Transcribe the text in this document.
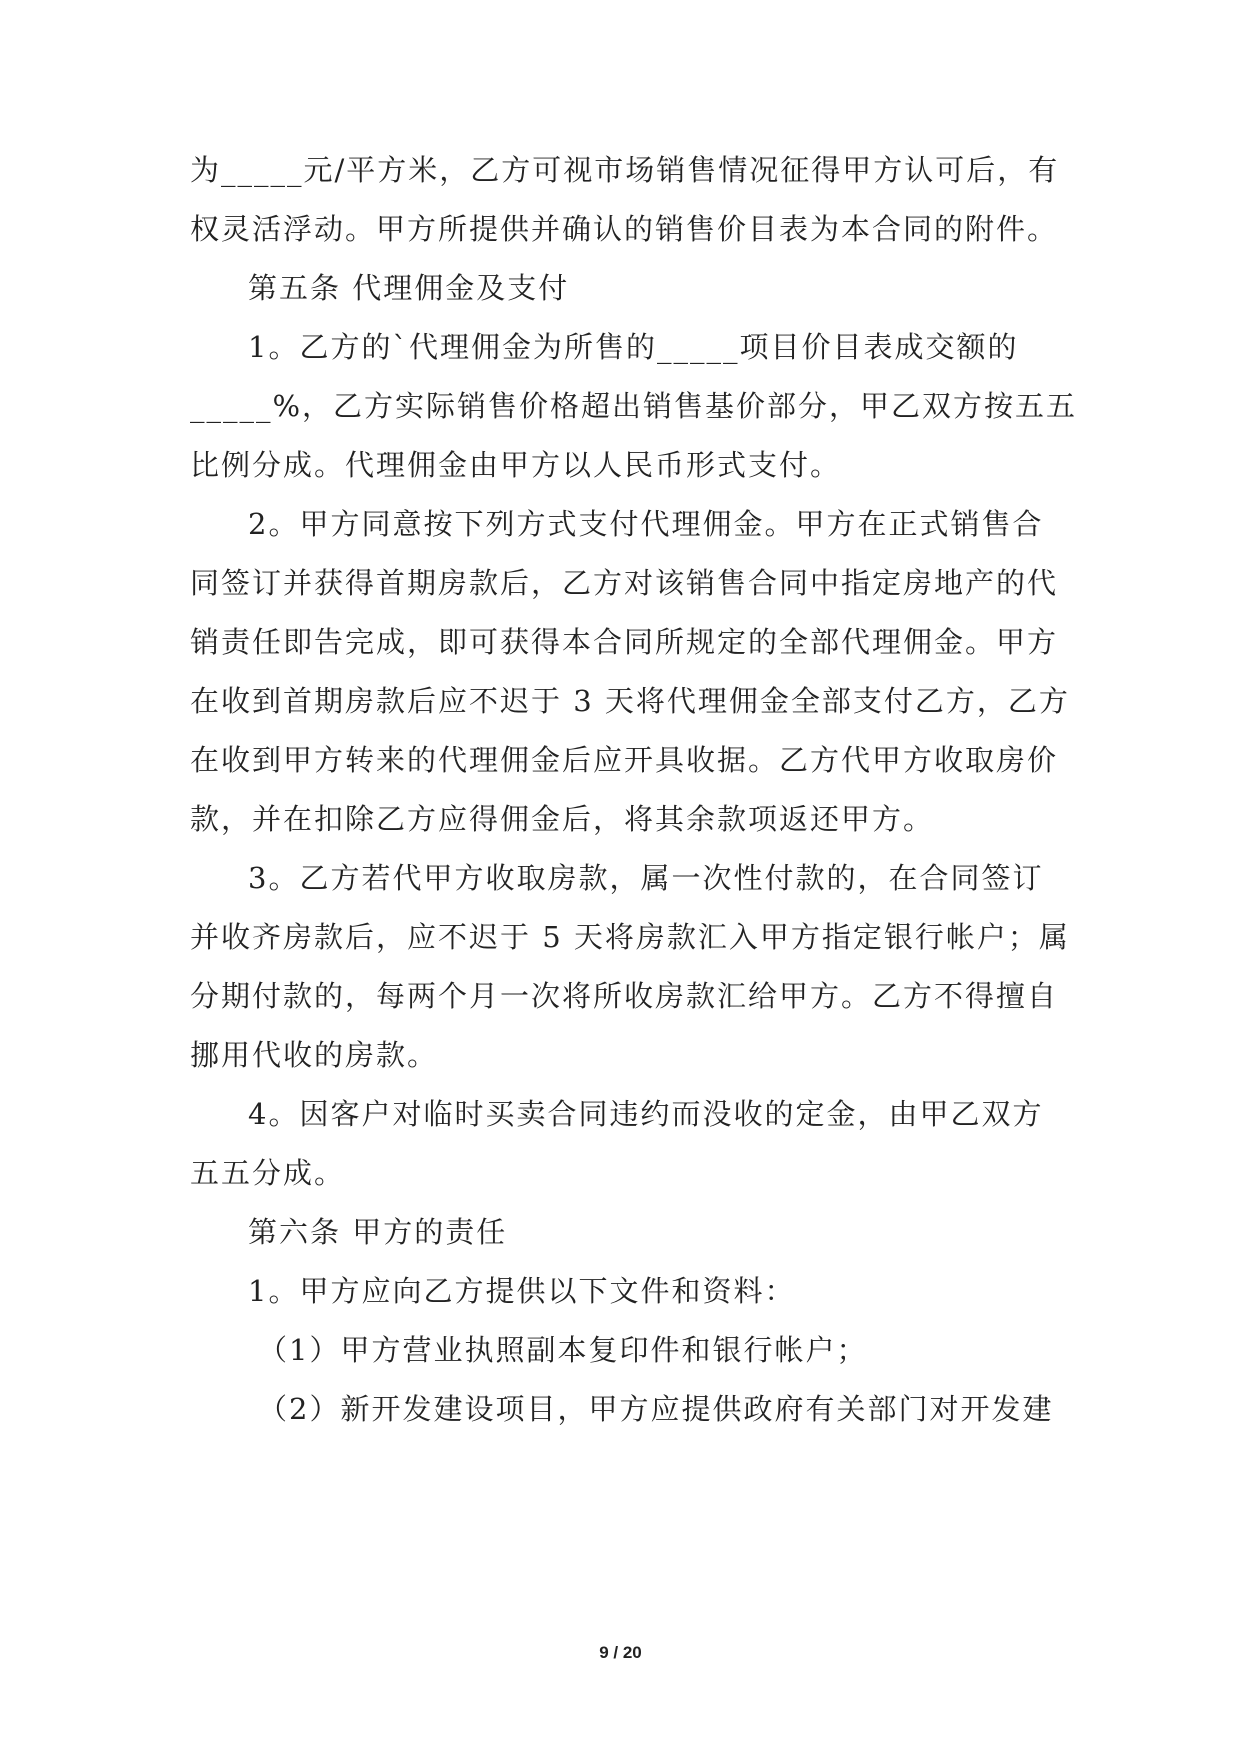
为_____元/平方米，乙方可视市场销售情况征得甲方认可后，有
权灵活浮动。甲方所提供并确认的销售价目表为本合同的附件。
第五条 代理佣金及支付
1。乙方的`代理佣金为所售的_____项目价目表成交额的
_____%，乙方实际销售价格超出销售基价部分，甲乙双方按五五
比例分成。代理佣金由甲方以人民币形式支付。
2。甲方同意按下列方式支付代理佣金。甲方在正式销售合
同签订并获得首期房款后，乙方对该销售合同中指定房地产的代
销责任即告完成，即可获得本合同所规定的全部代理佣金。甲方
在收到首期房款后应不迟于 3 天将代理佣金全部支付乙方，乙方
在收到甲方转来的代理佣金后应开具收据。乙方代甲方收取房价
款，并在扣除乙方应得佣金后，将其余款项返还甲方。
3。乙方若代甲方收取房款，属一次性付款的，在合同签订
并收齐房款后，应不迟于 5 天将房款汇入甲方指定银行帐户；属
分期付款的，每两个月一次将所收房款汇给甲方。乙方不得擅自
挪用代收的房款。
4。因客户对临时买卖合同违约而没收的定金，由甲乙双方
五五分成。
第六条 甲方的责任
1。甲方应向乙方提供以下文件和资料：
（1）甲方营业执照副本复印件和银行帐户；
（2）新开发建设项目，甲方应提供政府有关部门对开发建
9 / 20
